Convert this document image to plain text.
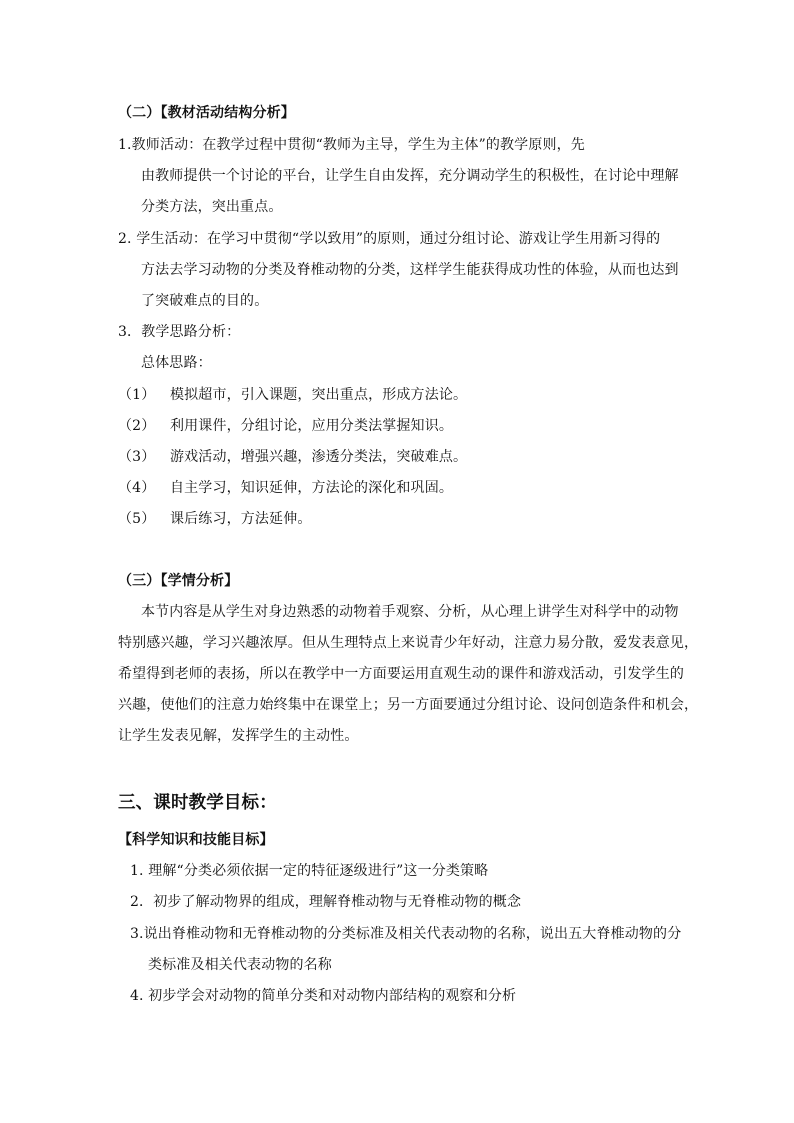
（二）【教材活动结构分析】
1.教师活动：在教学过程中贯彻“教师为主导，学生为主体”的教学原则，先
由教师提供一个讨论的平台，让学生自由发挥，充分调动学生的积极性，在讨论中理解
分类方法，突出重点。
2. 学生活动：在学习中贯彻“学以致用”的原则，通过分组讨论、游戏让学生用新习得的
方法去学习动物的分类及脊椎动物的分类，这样学生能获得成功性的体验，从而也达到
了突破难点的目的。
3．教学思路分析：
总体思路：
（1） 模拟超市，引入课题，突出重点，形成方法论。
（2） 利用课件，分组讨论，应用分类法掌握知识。
（3） 游戏活动，增强兴趣，渗透分类法，突破难点。
（4） 自主学习，知识延伸，方法论的深化和巩固。
（5） 课后练习，方法延伸。
（三）【学情分析】
本节内容是从学生对身边熟悉的动物着手观察、分析，从心理上讲学生对科学中的动物
特别感兴趣，学习兴趣浓厚。但从生理特点上来说青少年好动，注意力易分散，爱发表意见，
希望得到老师的表扬，所以在教学中一方面要运用直观生动的课件和游戏活动，引发学生的
兴趣，使他们的注意力始终集中在课堂上；另一方面要通过分组讨论、设问创造条件和机会，
让学生发表见解，发挥学生的主动性。
三、课时教学目标：
【科学知识和技能目标】
1. 理解“分类必须依据一定的特征逐级进行”这一分类策略
2．初步了解动物界的组成，理解脊椎动物与无脊椎动物的概念
3.说出脊椎动物和无脊椎动物的分类标准及相关代表动物的名称，说出五大脊椎动物的分
类标准及相关代表动物的名称
4. 初步学会对动物的简单分类和对动物内部结构的观察和分析
